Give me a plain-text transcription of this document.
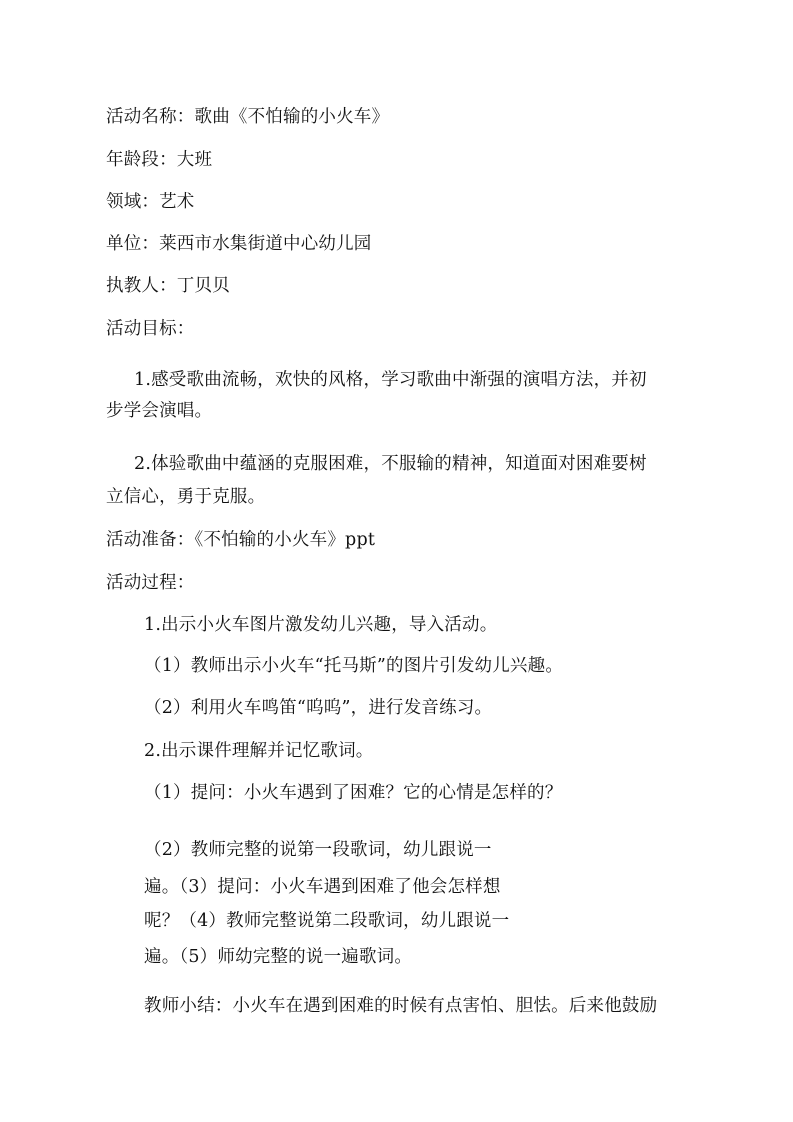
活动名称：歌曲《不怕输的小火车》
年龄段：大班
领域：艺术
单位：莱西市水集街道中心幼儿园
执教人：丁贝贝
活动目标：
1.感受歌曲流畅，欢快的风格，学习歌曲中渐强的演唱方法，并初
步学会演唱。
2.体验歌曲中蕴涵的克服困难，不服输的精神，知道面对困难要树
立信心，勇于克服。
活动准备：《不怕输的小火车》ppt
活动过程：
1.出示小火车图片激发幼儿兴趣，导入活动。
（1）教师出示小火车“托马斯”的图片引发幼儿兴趣。
（2）利用火车鸣笛“呜呜”，进行发音练习。
2.出示课件理解并记忆歌词。
（1）提问：小火车遇到了困难？它的心情是怎样的？
（2）教师完整的说第一段歌词，幼儿跟说一
遍。（3）提问：小火车遇到困难了他会怎样想
呢？（4）教师完整说第二段歌词，幼儿跟说一
遍。（5）师幼完整的说一遍歌词。
教师小结：小火车在遇到困难的时候有点害怕、胆怯。后来他鼓励
